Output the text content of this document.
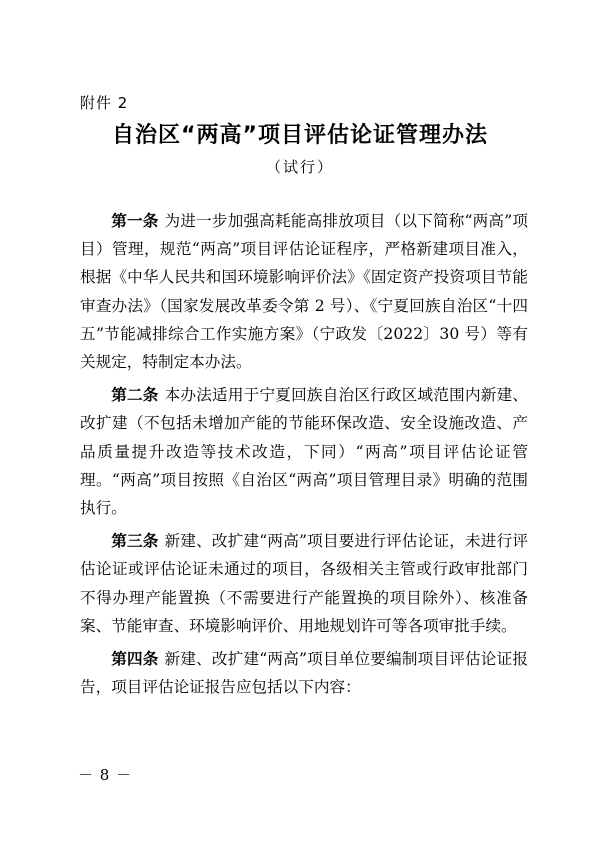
附件 2
自治区“两高”项目评估论证管理办法
（试行）

第一条 为进一步加强高耗能高排放项目（以下简称“两高”项目）管理，规范“两高”项目评估论证程序，严格新建项目准入，根据《中华人民共和国环境影响评价法》《固定资产投资项目节能审查办法》（国家发展改革委令第 2 号）、《宁夏回族自治区“十四五”节能减排综合工作实施方案》（宁政发〔2022〕30 号）等有关规定，特制定本办法。

第二条 本办法适用于宁夏回族自治区行政区域范围内新建、改扩建（不包括未增加产能的节能环保改造、安全设施改造、产品质量提升改造等技术改造，下同）“两高”项目评估论证管理。“两高”项目按照《自治区“两高”项目管理目录》明确的范围执行。

第三条 新建、改扩建“两高”项目要进行评估论证，未进行评估论证或评估论证未通过的项目，各级相关主管或行政审批部门不得办理产能置换（不需要进行产能置换的项目除外）、核准备案、节能审查、环境影响评价、用地规划许可等各项审批手续。

第四条 新建、改扩建“两高”项目单位要编制项目评估论证报告，项目评估论证报告应包括以下内容：

－ 8 －
